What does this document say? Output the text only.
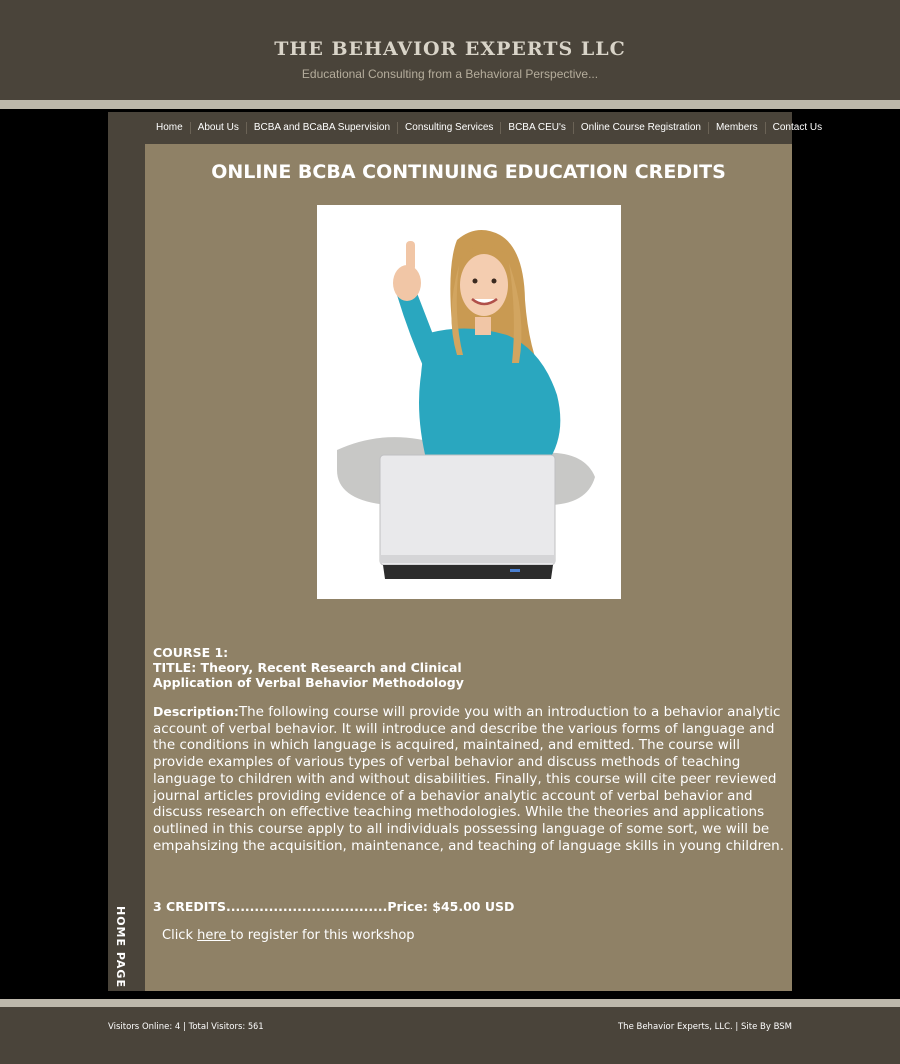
THE BEHAVIOR EXPERTS LLC
Educational Consulting from a Behavioral Perspective...
HOME PAGE
Home	About Us	BCBA and BCaBA Supervision	Consulting Services	BCBA CEU's	Online Course Registration	Members	Contact Us
ONLINE BCBA CONTINUING EDUCATION CREDITS
COURSE 1:
TITLE: Theory, Recent Research and Clinical Application of Verbal Behavior Methodology

Description:The following course will provide you with an introduction to a behavior analytic account of verbal behavior. It will introduce and describe the various forms of language and the conditions in which language is acquired, maintained, and emitted. The course will provide examples of various types of verbal behavior and discuss methods of teaching language to children with and without disabilities. Finally, this course will cite peer reviewed journal articles providing evidence of a behavior analytic account of verbal behavior and discuss research on effective teaching methodologies. While the theories and applications outlined in this course apply to all individuals possessing language of some sort, we will be empahsizing the acquisition, maintenance, and teaching of language skills in young children.

3 CREDITS..................................Price: $45.00 USD
Click here to register for this workshop
Visitors Online: 4 | Total Visitors: 561	The Behavior Experts, LLC. | Site By BSM
